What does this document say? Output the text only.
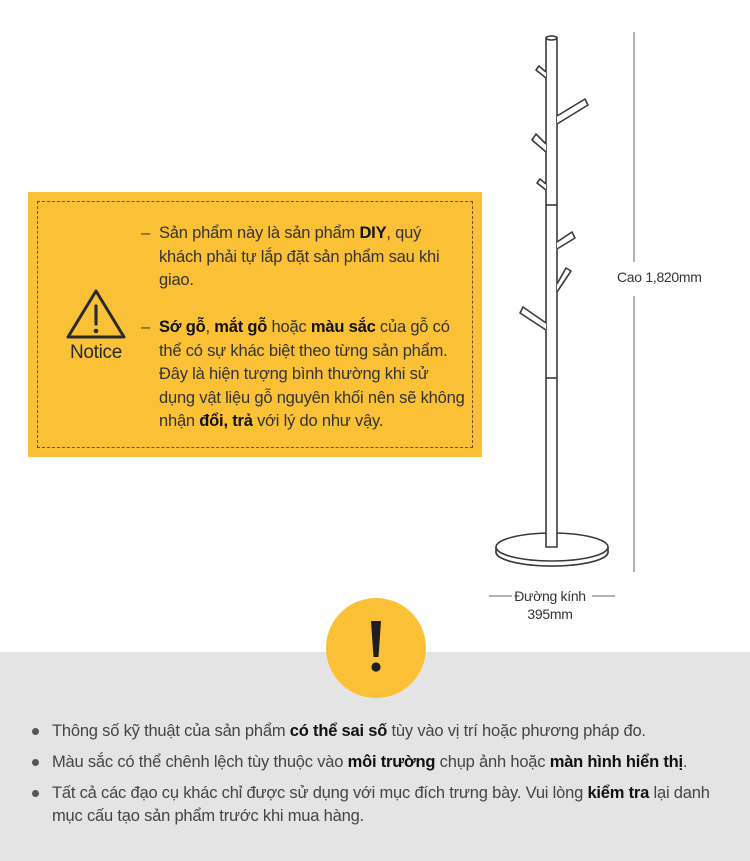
Notice
– Sản phẩm này là sản phẩm DIY, quý khách phải tự lắp đặt sản phẩm sau khi giao.
– Sớ gỗ, mắt gỗ hoặc màu sắc của gỗ có thể có sự khác biệt theo từng sản phẩm. Đây là hiện tượng bình thường khi sử dụng vật liệu gỗ nguyên khối nên sẽ không nhận đổi, trả với lý do như vậy.
Cao 1,820mm
Đường kính
395mm
Thông số kỹ thuật của sản phẩm có thể sai số tùy vào vị trí hoặc phương pháp đo.
Màu sắc có thể chênh lệch tùy thuộc vào môi trường chụp ảnh hoặc màn hình hiển thị.
Tất cả các đạo cụ khác chỉ được sử dụng với mục đích trưng bày. Vui lòng kiểm tra lại danh mục cấu tạo sản phẩm trước khi mua hàng.
